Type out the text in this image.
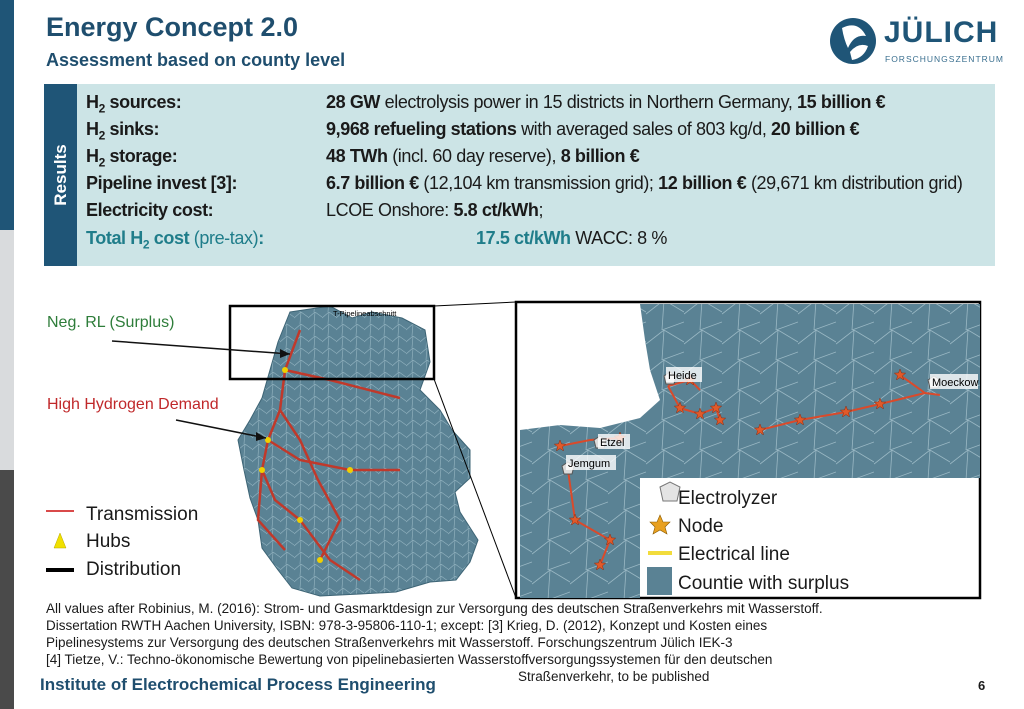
Energy Concept 2.0
Assessment based on county level
JÜLICH
FORSCHUNGSZENTRUM
Results
$H_2$ sources:	28 GW electrolysis power in 15 districts in Northern Germany, 15 billion €
$H_2$ sinks:	9,968 refueling stations with averaged sales of 803 kg/d, 20 billion €
$H_2$ storage:	48 TWh (incl. 60 day reserve), 8 billion €
Pipeline invest [3]:	6.7 billion € (12,104 km transmission grid); 12 billion € (29,671 km distribution grid)
Electricity cost:	LCOE Onshore: 5.8 ct/kWh;
Total $H_2$ cost (pre-tax):	17.5 ct/kWh WACC: 8 %
T-Pipelineabschnitt
Heide
Moeckow
Etzel
Jemgum
Neg. RL (Surplus)
High Hydrogen Demand
Transmission
Hubs
Distribution
Electrolyzer
Node
Electrical line
Countie with surplus
All values after Robinius, M. (2016): Strom- und Gasmarktdesign zur Versorgung des deutschen Straßenverkehrs mit Wasserstoff.
Dissertation RWTH Aachen University, ISBN: 978-3-95806-110-1; except: [3] Krieg, D. (2012), Konzept und Kosten eines
Pipelinesystems zur Versorgung des deutschen Straßenverkehrs mit Wasserstoff. Forschungszentrum Jülich IEK-3
[4] Tietze, V.: Techno-ökonomische Bewertung von pipelinebasierten Wasserstoffversorgungssystemen für den deutschen
Straßenverkehr, to be published
Institute of Electrochemical Process Engineering	6
